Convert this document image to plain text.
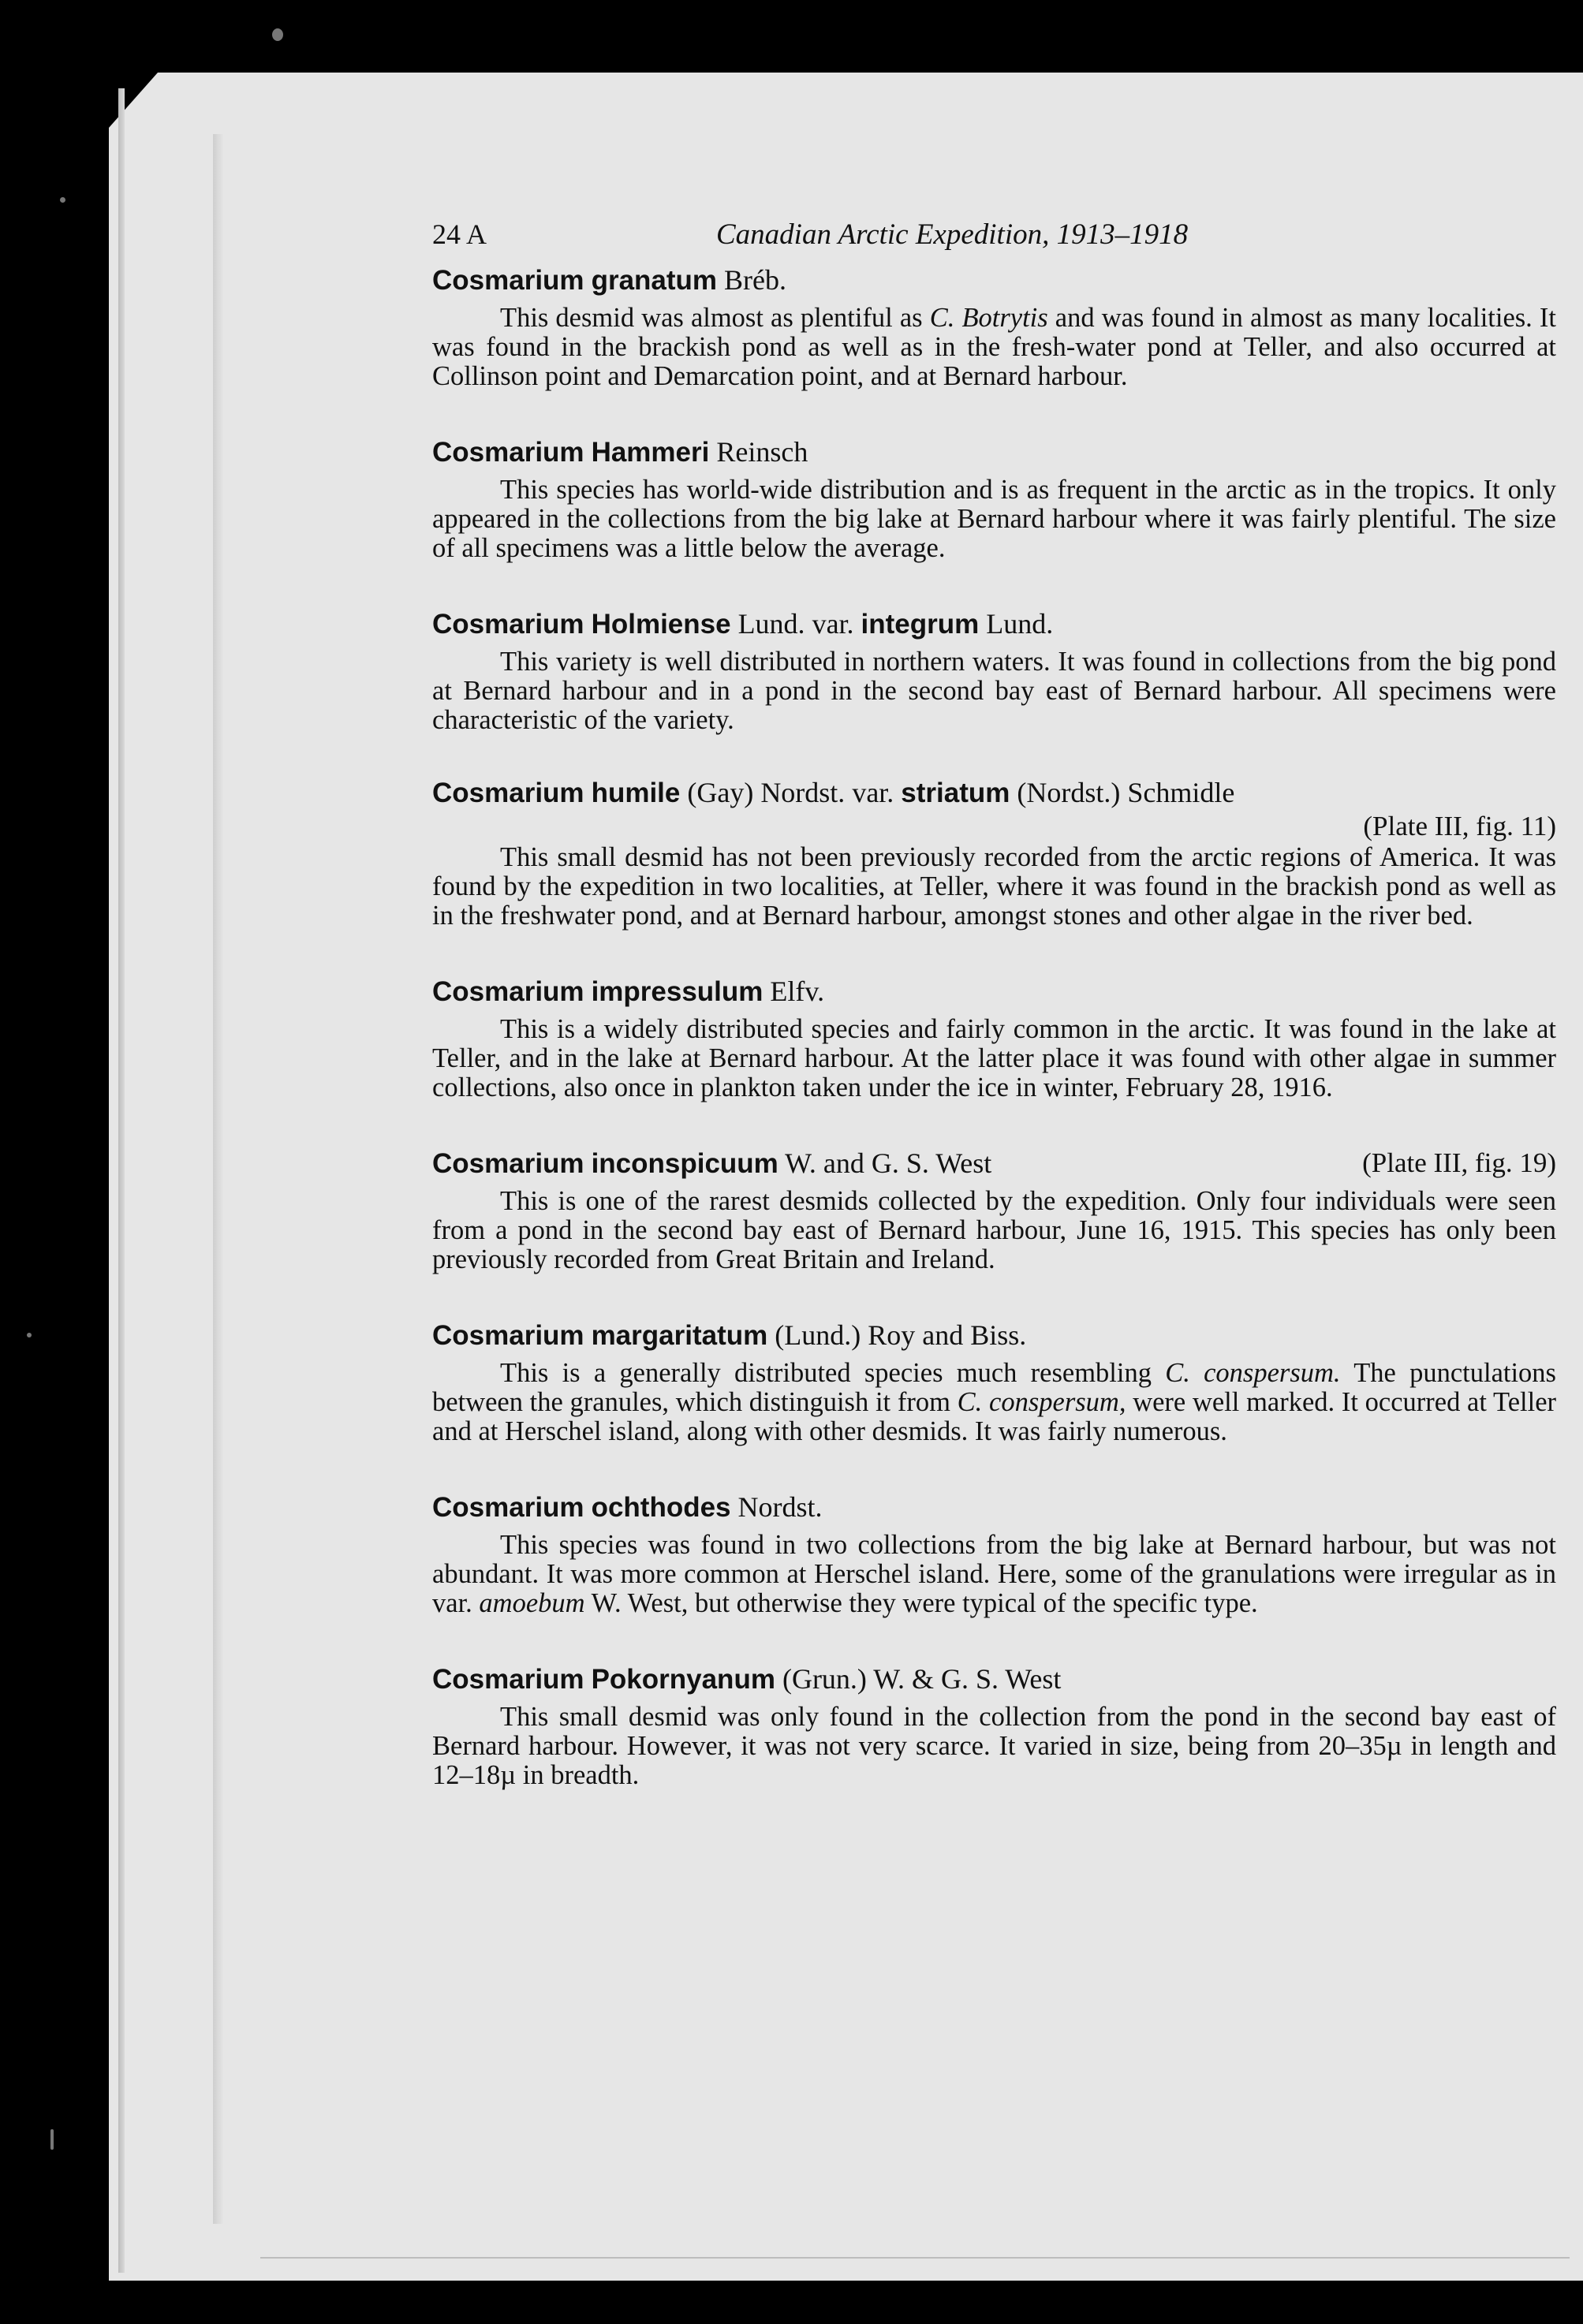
24 A	Canadian Arctic Expedition, 1913–1918
Cosmarium granatum Bréb.

This desmid was almost as plentiful as C. Botrytis and was found in almost as many localities. It was found in the brackish pond as well as in the fresh-water pond at Teller, and also occurred at Collinson point and Demarcation point, and at Bernard harbour.

Cosmarium Hammeri Reinsch

This species has world-wide distribution and is as frequent in the arctic as in the tropics. It only appeared in the collections from the big lake at Bernard harbour where it was fairly plentiful. The size of all specimens was a little below the average.

Cosmarium Holmiense Lund. var. integrum Lund.

This variety is well distributed in northern waters. It was found in collections from the big pond at Bernard harbour and in a pond in the second bay east of Bernard harbour. All specimens were characteristic of the variety.

Cosmarium humile (Gay) Nordst. var. striatum (Nordst.) Schmidle
(Plate III, fig. 11)

This small desmid has not been previously recorded from the arctic regions of America. It was found by the expedition in two localities, at Teller, where it was found in the brackish pond as well as in the freshwater pond, and at Bernard harbour, amongst stones and other algae in the river bed.

Cosmarium impressulum Elfv.

This is a widely distributed species and fairly common in the arctic. It was found in the lake at Teller, and in the lake at Bernard harbour. At the latter place it was found with other algae in summer collections, also once in plankton taken under the ice in winter, February 28, 1916.

(Plate III, fig. 19)
Cosmarium inconspicuum W. and G. S. West

This is one of the rarest desmids collected by the expedition. Only four individuals were seen from a pond in the second bay east of Bernard harbour, June 16, 1915. This species has only been previously recorded from Great Britain and Ireland.

Cosmarium margaritatum (Lund.) Roy and Biss.

This is a generally distributed species much resembling C. conspersum. The punctulations between the granules, which distinguish it from C. conspersum, were well marked. It occurred at Teller and at Herschel island, along with other desmids. It was fairly numerous.

Cosmarium ochthodes Nordst.

This species was found in two collections from the big lake at Bernard harbour, but was not abundant. It was more common at Herschel island. Here, some of the granulations were irregular as in var. amoebum W. West, but otherwise they were typical of the specific type.

Cosmarium Pokornyanum (Grun.) W. & G. S. West

This small desmid was only found in the collection from the pond in the second bay east of Bernard harbour. However, it was not very scarce. It varied in size, being from 20–35µ in length and 12–18µ in breadth.
